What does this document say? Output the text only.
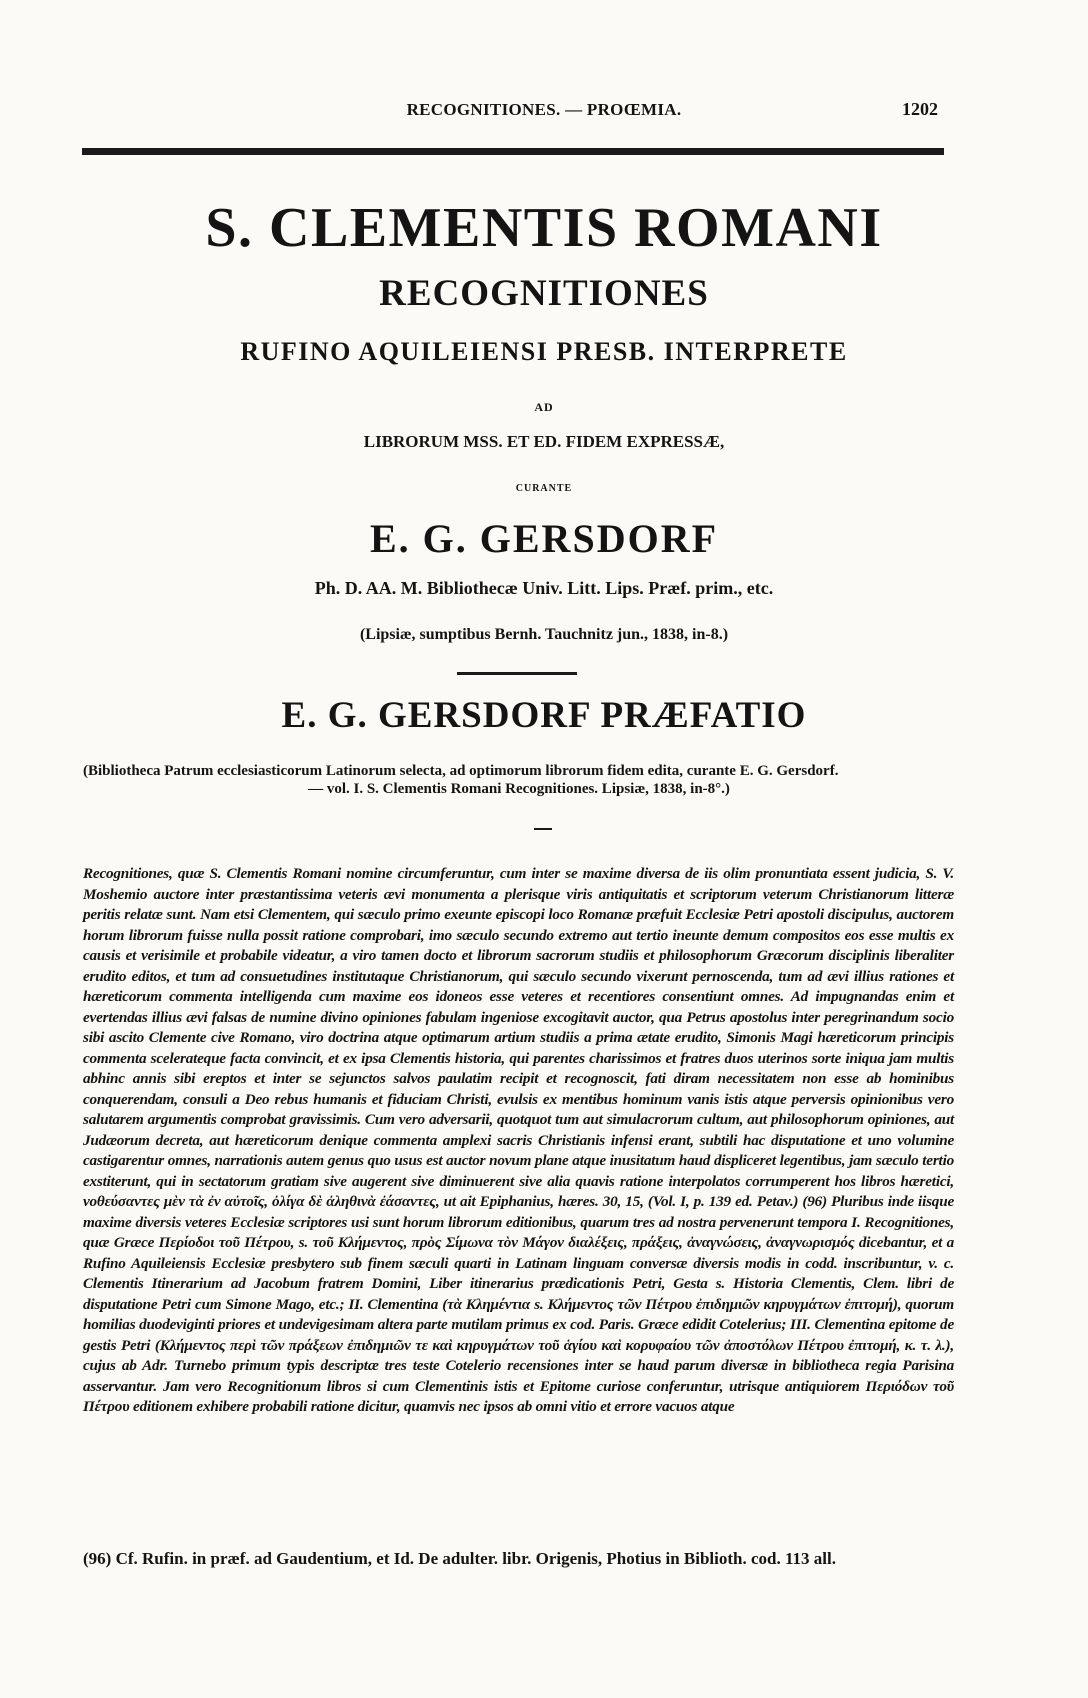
RECOGNITIONES. — PROŒMIA.	1202
S. CLEMENTIS ROMANI
RECOGNITIONES
RUFINO AQUILEIENSI PRESB. INTERPRETE
AD
LIBRORUM MSS. ET ED. FIDEM EXPRESSÆ,
CURANTE
E. G. GERSDORF
Ph. D. AA. M. Bibliothecæ Univ. Litt. Lips. Præf. prim., etc.
(Lipsiæ, sumptibus Bernh. Tauchnitz jun., 1838, in-8.)
E. G. GERSDORF PRÆFATIO
(Bibliotheca Patrum ecclesiasticorum Latinorum selecta, ad optimorum librorum fidem edita, curante E. G. Gersdorf.
— vol. I. S. Clementis Romani Recognitiones. Lipsiæ, 1838, in-8°.)
Recognitiones, quæ S. Clementis Romani nomine circumferuntur, cum inter se maxime diversa de iis olim pronuntiata essent judicia, S. V. Moshemio auctore inter præstantissima veteris ævi monumenta a plerisque viris antiquitatis et scriptorum veterum Christianorum litteræ peritis relatæ sunt. Nam etsi Clementem, qui sæculo primo exeunte episcopi loco Romanæ præfuit Ecclesiæ Petri apostoli discipulus, auctorem horum librorum fuisse nulla possit ratione comprobari, imo sæculo secundo extremo aut tertio ineunte demum compositos eos esse multis ex causis et verisimile et probabile videatur, a viro tamen docto et librorum sacrorum studiis et philosophorum Græcorum disciplinis liberaliter erudito editos, et tum ad consuetudines institutaque Christianorum, qui sæculo secundo vixerunt pernoscenda, tum ad ævi illius rationes et hæreticorum commenta intelligenda cum maxime eos idoneos esse veteres et recentiores consentiunt omnes. Ad impugnandas enim et evertendas illius ævi falsas de numine divino opiniones fabulam ingeniose excogitavit auctor, qua Petrus apostolus inter peregrinandum socio sibi ascito Clemente cive Romano, viro doctrina atque optimarum artium studiis a prima ætate erudito, Simonis Magi hæreticorum principis commenta scelerateque facta convincit, et ex ipsa Clementis historia, qui parentes charissimos et fratres duos uterinos sorte iniqua jam multis abhinc annis sibi ereptos et inter se sejunctos salvos paulatim recipit et recognoscit, fati diram necessitatem non esse ab hominibus conquerendam, consuli a Deo rebus humanis et fiduciam Christi, evulsis ex mentibus hominum vanis istis atque perversis opinionibus vero salutarem argumentis comprobat gravissimis. Cum vero adversarii, quotquot tum aut simulacrorum cultum, aut philosophorum opiniones, aut Judæorum decreta, aut hæreticorum denique commenta amplexi sacris Christianis infensi erant, subtili hac disputatione et uno volumine castigarentur omnes, narrationis autem genus quo usus est auctor novum plane atque inusitatum haud displiceret legentibus, jam sæculo tertio exstiterunt, qui in sectatorum gratiam sive augerent sive diminuerent sive alia quavis ratione interpolatos corrumperent hos libros hæretici, νοθεύσαντες μὲν τὰ ἐν αὐτοῖς, ὀλίγα δὲ ἀληθινὰ ἐάσαντες, ut ait Epiphanius, hæres. 30, 15, (Vol. I, p. 139 ed. Petav.) (96) Pluribus inde iisque maxime diversis veteres Ecclesiæ scriptores usi sunt horum librorum editionibus, quarum tres ad nostra pervenerunt tempora I. Recognitiones, quæ Græce Περίοδοι τοῦ Πέτρου, s. τοῦ Κλήμεντος, πρὸς Σίμωνα τὸν Μάγον διαλέξεις, πράξεις, ἀναγνώσεις, ἀναγνωρισμός dicebantur, et a Rufino Aquileiensis Ecclesiæ presbytero sub finem sæculi quarti in Latinam linguam conversæ diversis modis in codd. inscribuntur, v. c. Clementis Itinerarium ad Jacobum fratrem Domini, Liber itinerarius prædicationis Petri, Gesta s. Historia Clementis, Clem. libri de disputatione Petri cum Simone Mago, etc.; II. Clementina (τὰ Κλημέντια s. Κλήμεντος τῶν Πέτρου ἐπιδημιῶν κηρυγμάτων ἐπιτομή), quorum homilias duodeviginti priores et undevigesimam altera parte mutilam primus ex cod. Paris. Græce edidit Cotelerius; III. Clementina epitome de gestis Petri (Κλήμεντος περὶ τῶν πράξεων ἐπιδημιῶν τε καὶ κηρυγμάτων τοῦ ἁγίου καὶ κορυφαίου τῶν ἀποστόλων Πέτρου ἐπιτομή, κ. τ. λ.), cujus ab Adr. Turnebo primum typis descriptæ tres teste Cotelerio recensiones inter se haud parum diversæ in bibliotheca regia Parisina asservantur. Jam vero Recognitionum libros si cum Clementinis istis et Epitome curiose conferuntur, utrisque antiquiorem Περιόδων τοῦ Πέτρου editionem exhibere probabili ratione dicitur, quamvis nec ipsos ab omni vitio et errore vacuos atque
(96) Cf. Rufin. in præf. ad Gaudentium, et Id. De adulter. libr. Origenis, Photius in Biblioth. cod. 113 all.
